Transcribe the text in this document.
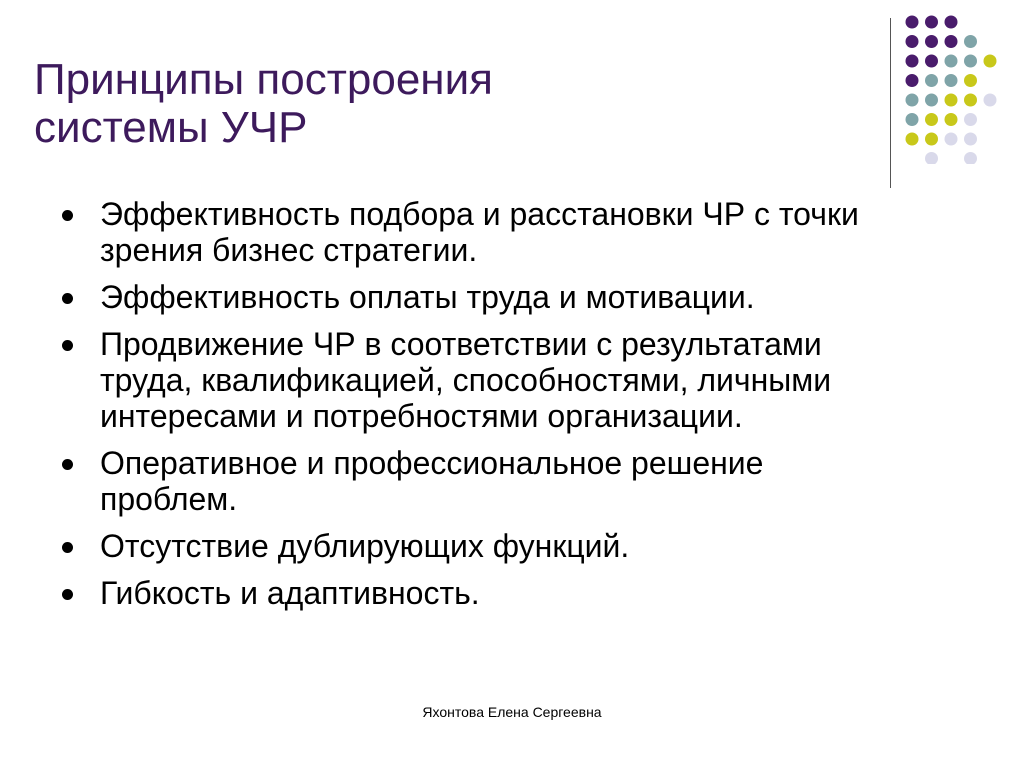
Принципы построения
системы УЧР
Эффективность подбора и расстановки ЧР с точки
зрения бизнес стратегии.
Эффективность оплаты труда и мотивации.
Продвижение ЧР в соответствии с результатами
труда, квалификацией, способностями, личными
интересами и потребностями организации.
Оперативное и профессиональное решение
проблем.
Отсутствие дублирующих функций.
Гибкость и адаптивность.
Яхонтова Елена Сергеевна
